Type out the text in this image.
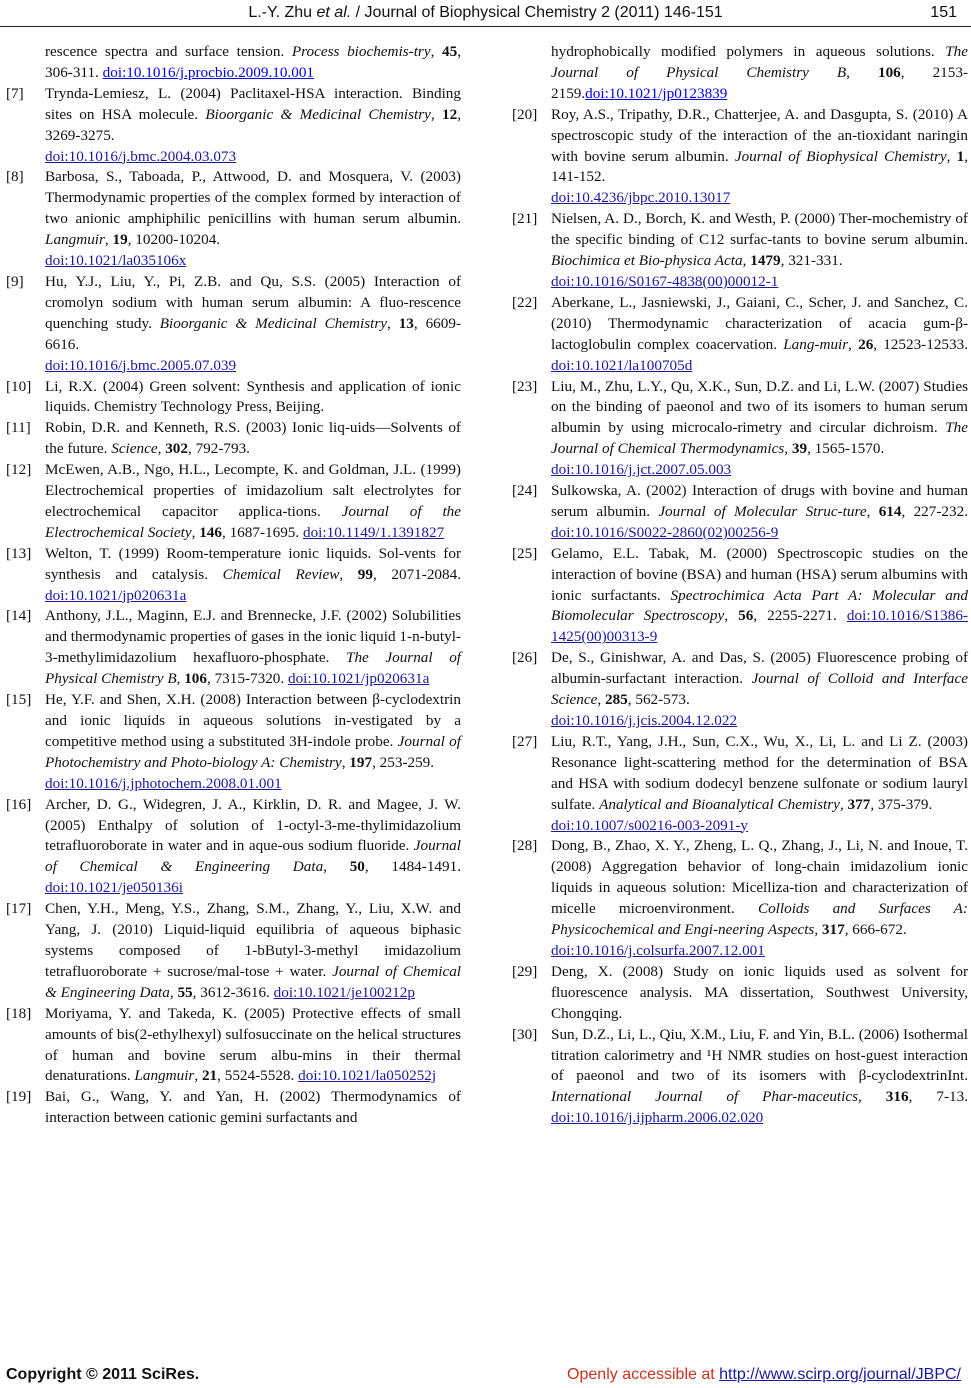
L.-Y. Zhu et al. / Journal of Biophysical Chemistry 2 (2011) 146-151	151

rescence spectra and surface tension. Process biochemis-try, 45, 306-311. doi:10.1016/j.procbio.2009.10.001

[7] Trynda-Lemiesz, L. (2004) Paclitaxel-HSA interaction. Binding sites on HSA molecule. Bioorganic & Medicinal Chemistry, 12, 3269-3275.
doi:10.1016/j.bmc.2004.03.073

[8] Barbosa, S., Taboada, P., Attwood, D. and Mosquera, V. (2003) Thermodynamic properties of the complex formed by interaction of two anionic amphiphilic penicillins with human serum albumin. Langmuir, 19, 10200-10204.
doi:10.1021/la035106x

[9] Hu, Y.J., Liu, Y., Pi, Z.B. and Qu, S.S. (2005) Interaction of cromolyn sodium with human serum albumin: A fluo-rescence quenching study. Bioorganic & Medicinal Chemistry, 13, 6609-6616.
doi:10.1016/j.bmc.2005.07.039

[10] Li, R.X. (2004) Green solvent: Synthesis and application of ionic liquids. Chemistry Technology Press, Beijing.

[11] Robin, D.R. and Kenneth, R.S. (2003) Ionic liq-uids—Solvents of the future. Science, 302, 792-793.

[12] McEwen, A.B., Ngo, H.L., Lecompte, K. and Goldman, J.L. (1999) Electrochemical properties of imidazolium salt electrolytes for electrochemical capacitor applica-tions. Journal of the Electrochemical Society, 146, 1687-1695. doi:10.1149/1.1391827

[13] Welton, T. (1999) Room-temperature ionic liquids. Sol-vents for synthesis and catalysis. Chemical Review, 99, 2071-2084. doi:10.1021/jp020631a

[14] Anthony, J.L., Maginn, E.J. and Brennecke, J.F. (2002) Solubilities and thermodynamic properties of gases in the ionic liquid 1-n-butyl-3-methylimidazolium hexafluoro-phosphate. The Journal of Physical Chemistry B, 106, 7315-7320. doi:10.1021/jp020631a

[15] He, Y.F. and Shen, X.H. (2008) Interaction between β-cyclodextrin and ionic liquids in aqueous solutions in-vestigated by a competitive method using a substituted 3H-indole probe. Journal of Photochemistry and Photo-biology A: Chemistry, 197, 253-259.
doi:10.1016/j.jphotochem.2008.01.001

[16] Archer, D. G., Widegren, J. A., Kirklin, D. R. and Magee, J. W. (2005) Enthalpy of solution of 1-octyl-3-me-thylimidazolium tetrafluoroborate in water and in aque-ous sodium fluoride. Journal of Chemical & Engineering Data, 50, 1484-1491. doi:10.1021/je050136i

[17] Chen, Y.H., Meng, Y.S., Zhang, S.M., Zhang, Y., Liu, X.W. and Yang, J. (2010) Liquid-liquid equilibria of aqueous biphasic systems composed of 1-bButyl-3-methyl imidazolium tetrafluoroborate + sucrose/mal-tose + water. Journal of Chemical & Engineering Data, 55, 3612-3616. doi:10.1021/je100212p

[18] Moriyama, Y. and Takeda, K. (2005) Protective effects of small amounts of bis(2-ethylhexyl) sulfosuccinate on the helical structures of human and bovine serum albu-mins in their thermal denaturations. Langmuir, 21, 5524-5528. doi:10.1021/la050252j

[19] Bai, G., Wang, Y. and Yan, H. (2002) Thermodynamics of interaction between cationic gemini surfactants and

hydrophobically modified polymers in aqueous solutions. The Journal of Physical Chemistry B, 106, 2153-2159.doi:10.1021/jp0123839

[20] Roy, A.S., Tripathy, D.R., Chatterjee, A. and Dasgupta, S. (2010) A spectroscopic study of the interaction of the an-tioxidant naringin with bovine serum albumin. Journal of Biophysical Chemistry, 1, 141-152.
doi:10.4236/jbpc.2010.13017

[21] Nielsen, A. D., Borch, K. and Westh, P. (2000) Ther-mochemistry of the specific binding of C12 surfac-tants to bovine serum albumin. Biochimica et Bio-physica Acta, 1479, 321-331.
doi:10.1016/S0167-4838(00)00012-1

[22] Aberkane, L., Jasniewski, J., Gaiani, C., Scher, J. and Sanchez, C. (2010) Thermodynamic characterization of acacia gum-β-lactoglobulin complex coacervation. Lang-muir, 26, 12523-12533. doi:10.1021/la100705d

[23] Liu, M., Zhu, L.Y., Qu, X.K., Sun, D.Z. and Li, L.W. (2007) Studies on the binding of paeonol and two of its isomers to human serum albumin by using microcalo-rimetry and circular dichroism. The Journal of Chemical Thermodynamics, 39, 1565-1570.
doi:10.1016/j.jct.2007.05.003

[24] Sulkowska, A. (2002) Interaction of drugs with bovine and human serum albumin. Journal of Molecular Struc-ture, 614, 227-232. doi:10.1016/S0022-2860(02)00256-9

[25] Gelamo, E.L. Tabak, M. (2000) Spectroscopic studies on the interaction of bovine (BSA) and human (HSA) serum albumins with ionic surfactants. Spectrochimica Acta Part A: Molecular and Biomolecular Spectroscopy, 56, 2255-2271. doi:10.1016/S1386-1425(00)00313-9

[26] De, S., Ginishwar, A. and Das, S. (2005) Fluorescence probing of albumin-surfactant interaction. Journal of Colloid and Interface Science, 285, 562-573.
doi:10.1016/j.jcis.2004.12.022

[27] Liu, R.T., Yang, J.H., Sun, C.X., Wu, X., Li, L. and Li Z. (2003) Resonance light-scattering method for the determination of BSA and HSA with sodium dodecyl benzene sulfonate or sodium lauryl sulfate. Analytical and Bioanalytical Chemistry, 377, 375-379.
doi:10.1007/s00216-003-2091-y

[28] Dong, B., Zhao, X. Y., Zheng, L. Q., Zhang, J., Li, N. and Inoue, T. (2008) Aggregation behavior of long-chain imidazolium ionic liquids in aqueous solution: Micelliza-tion and characterization of micelle microenvironment. Colloids and Surfaces A: Physicochemical and Engi-neering Aspects, 317, 666-672.
doi:10.1016/j.colsurfa.2007.12.001

[29] Deng, X. (2008) Study on ionic liquids used as solvent for fluorescence analysis. MA dissertation, Southwest University, Chongqing.

[30] Sun, D.Z., Li, L., Qiu, X.M., Liu, F. and Yin, B.L. (2006) Isothermal titration calorimetry and ¹H NMR studies on host-guest interaction of paeonol and two of its isomers with β-cyclodextrinInt. International Journal of Phar-maceutics, 316, 7-13. doi:10.1016/j.ijpharm.2006.02.020

Copyright © 2011 SciRes.	Openly accessible at http://www.scirp.org/journal/JBPC/
